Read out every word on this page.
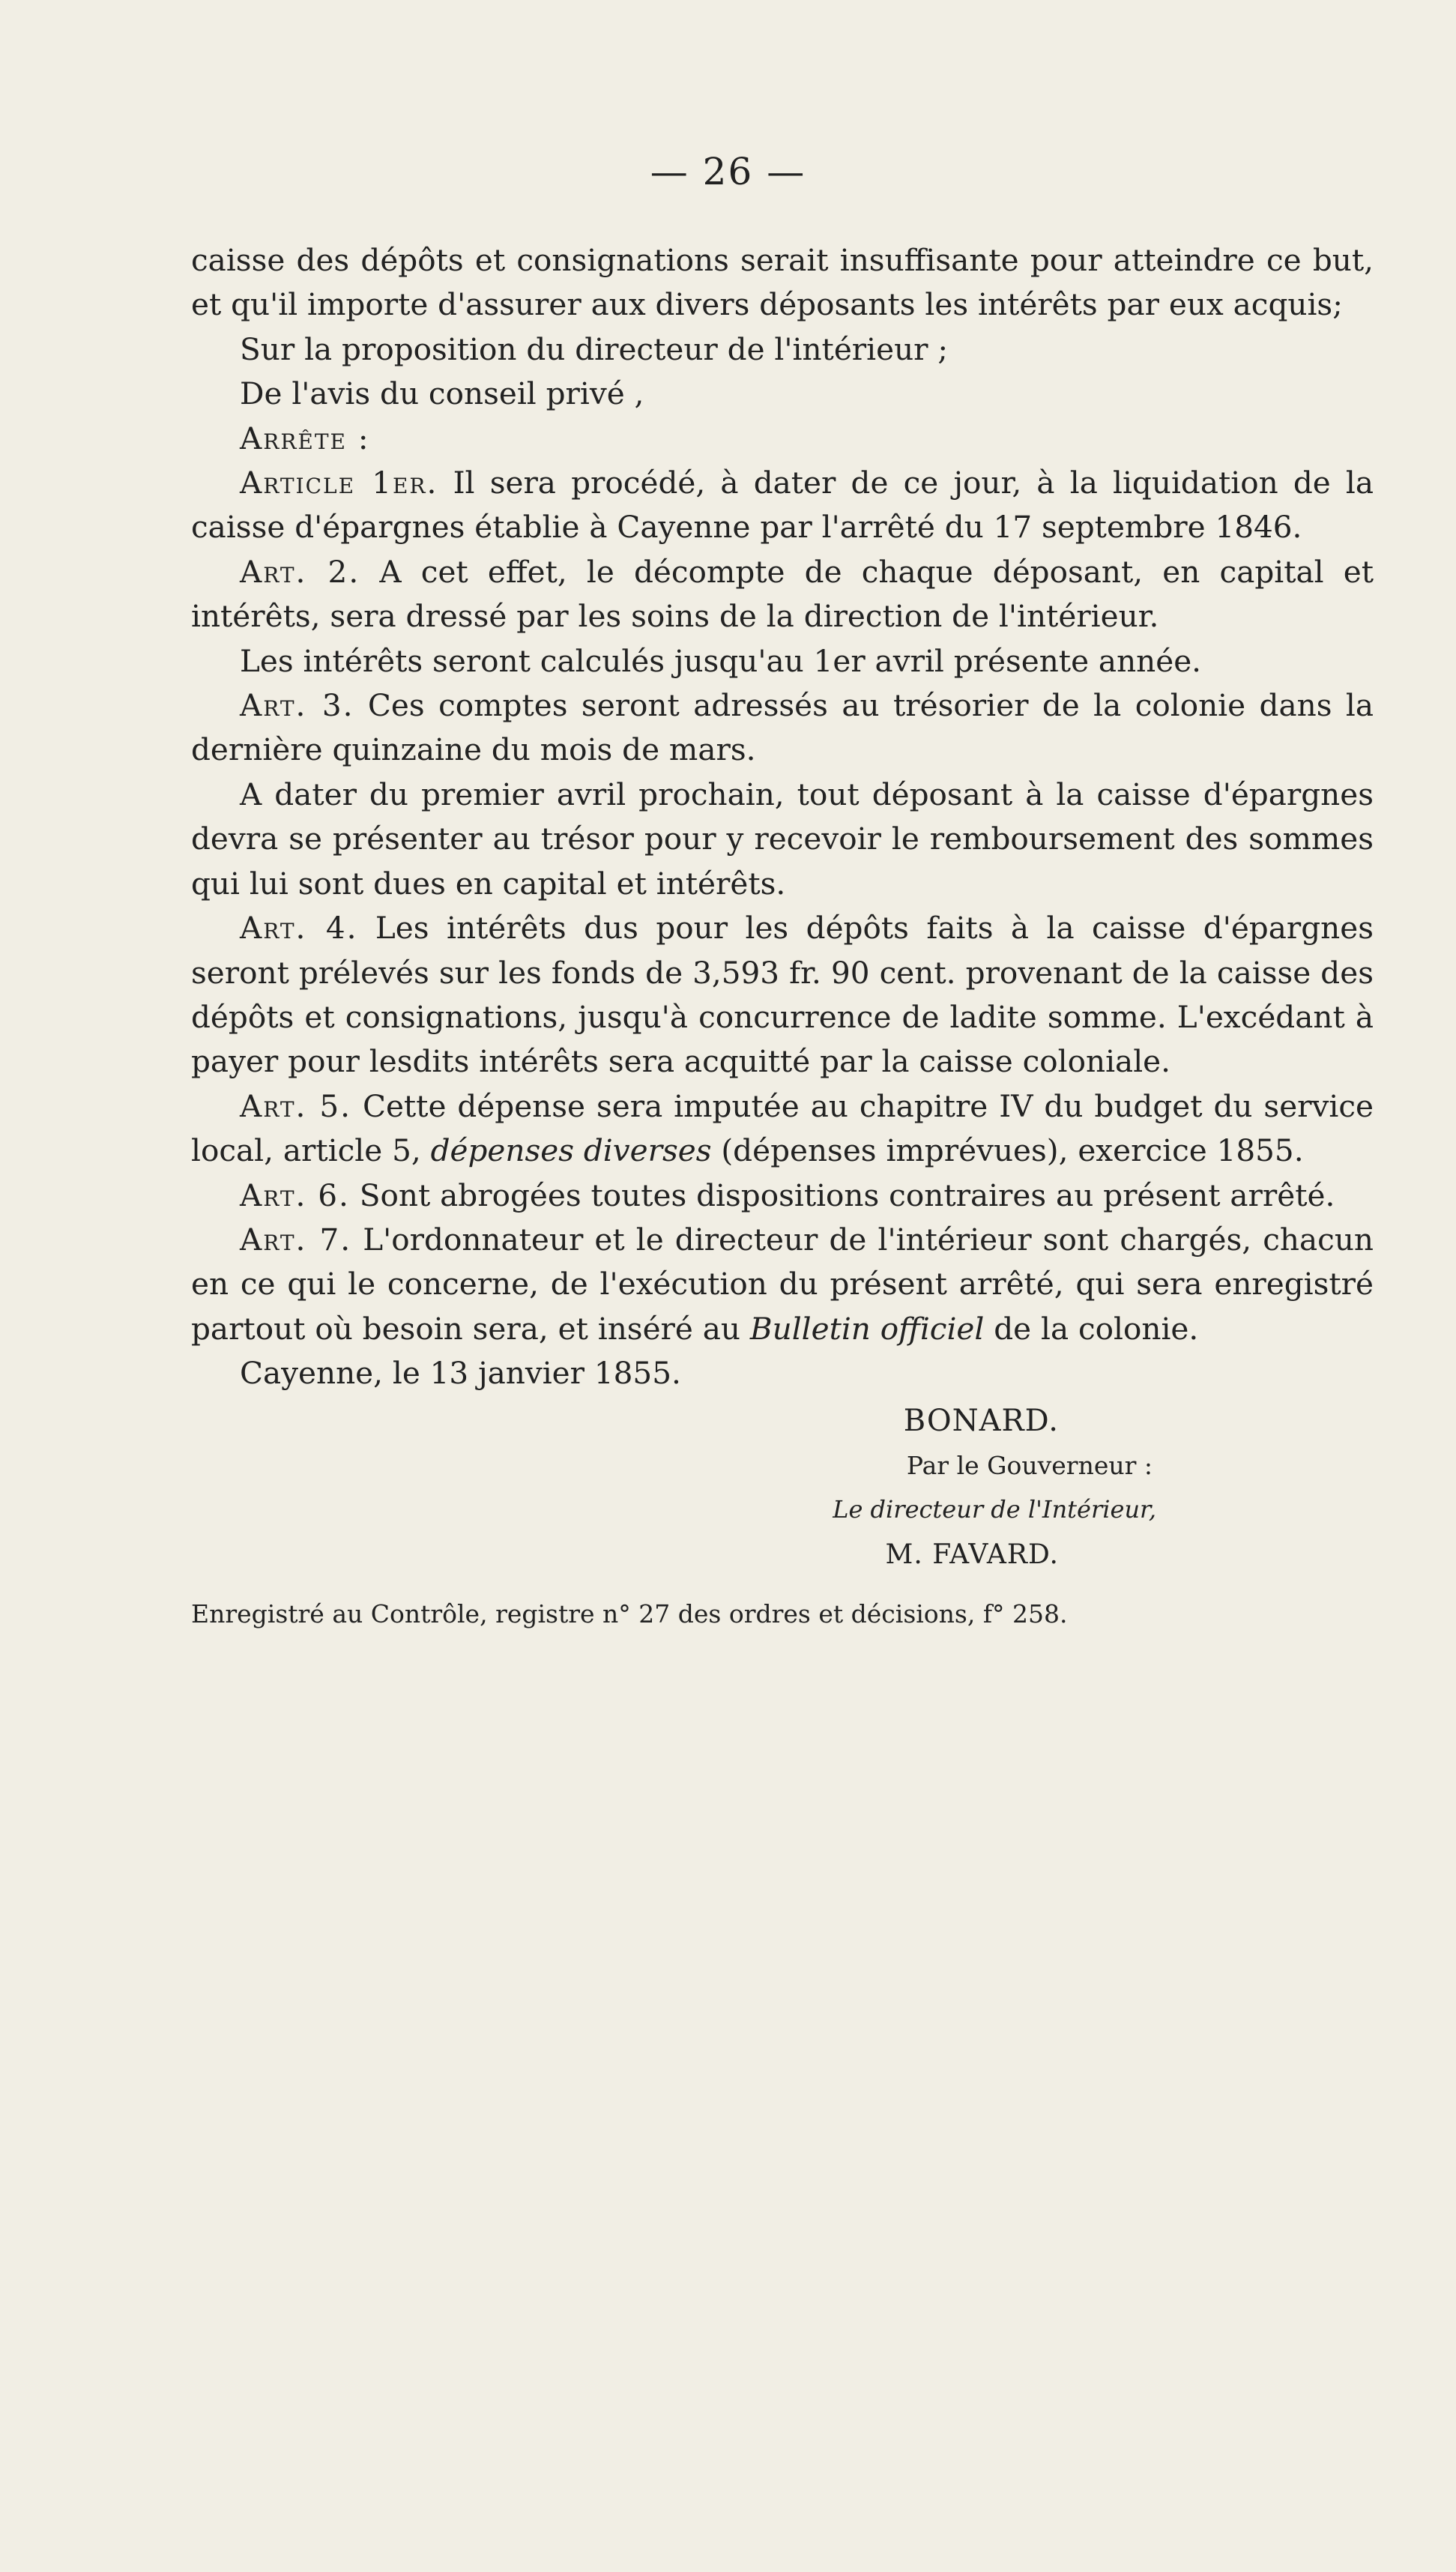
— 26 —

caisse des dépôts et consignations serait insuffisante pour atteindre ce but, et qu'il importe d'assurer aux divers déposants les intérêts par eux acquis;

Sur la proposition du directeur de l'intérieur ;

De l'avis du conseil privé ,

Arrête :

Article 1er. Il sera procédé, à dater de ce jour, à la liquidation de la caisse d'épargnes établie à Cayenne par l'arrêté du 17 septembre 1846.

Art. 2. A cet effet, le décompte de chaque déposant, en capital et intérêts, sera dressé par les soins de la direction de l'intérieur.

Les intérêts seront calculés jusqu'au 1er avril présente année.

Art. 3. Ces comptes seront adressés au trésorier de la colonie dans la dernière quinzaine du mois de mars.

A dater du premier avril prochain, tout déposant à la caisse d'épargnes devra se présenter au trésor pour y recevoir le remboursement des sommes qui lui sont dues en capital et intérêts.

Art. 4. Les intérêts dus pour les dépôts faits à la caisse d'épargnes seront prélevés sur les fonds de 3,593 fr. 90 cent. provenant de la caisse des dépôts et consignations, jusqu'à concurrence de ladite somme. L'excédant à payer pour lesdits intérêts sera acquitté par la caisse coloniale.

Art. 5. Cette dépense sera imputée au chapitre IV du budget du service local, article 5, dépenses diverses (dépenses imprévues), exercice 1855.

Art. 6. Sont abrogées toutes dispositions contraires au présent arrêté.

Art. 7. L'ordonnateur et le directeur de l'intérieur sont chargés, chacun en ce qui le concerne, de l'exécution du présent arrêté, qui sera enregistré partout où besoin sera, et inséré au Bulletin officiel de la colonie.

Cayenne, le 13 janvier 1855.

BONARD.
Par le Gouverneur :
Le directeur de l'Intérieur,
M. FAVARD.
Enregistré au Contrôle, registre n° 27 des ordres et décisions, f° 258.
